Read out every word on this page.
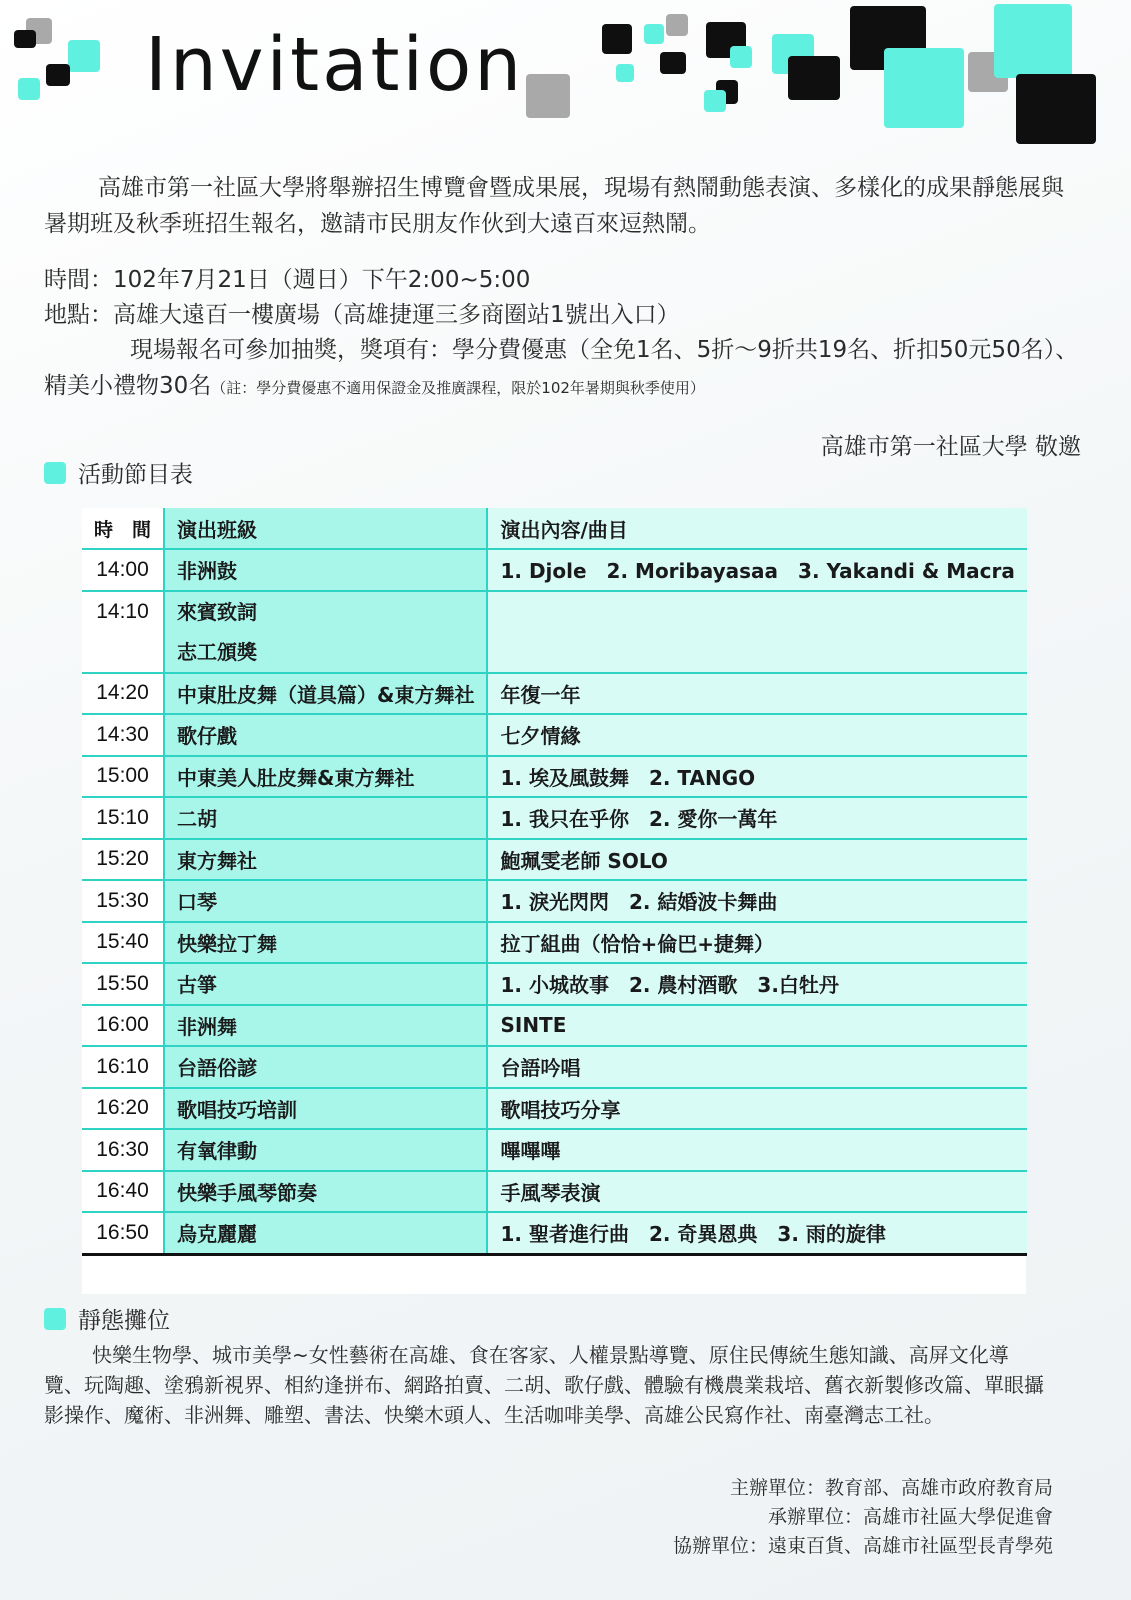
Invitation
高雄市第一社區大學將舉辦招生博覽會暨成果展，現場有熱鬧動態表演、多樣化的成果靜態展與暑期班及秋季班招生報名，邀請市民朋友作伙到大遠百來逗熱鬧。
時間：102年7月21日（週日）下午2:00~5:00
地點：高雄大遠百一樓廣場（高雄捷運三多商圈站1號出入口）
現場報名可參加抽獎，獎項有：學分費優惠（全免1名、5折～9折共19名、折扣50元50名）、精美小禮物30名（註：學分費優惠不適用保證金及推廣課程，限於102年暑期與秋季使用）
高雄市第一社區大學 敬邀
活動節目表
時　間	演出班級	演出內容/曲目
14:00	非洲鼓	1. Djole　2. Moribayasaa　3. Yakandi & Macra
14:10	來賓致詞
志工頒獎	

14:20	中東肚皮舞（道具篇）&東方舞社	年復一年
14:30	歌仔戲	七夕情緣
15:00	中東美人肚皮舞&東方舞社	1. 埃及風鼓舞　2. TANGO
15:10	二胡	1. 我只在乎你　2. 愛你一萬年
15:20	東方舞社	鮑珮雯老師 SOLO
15:30	口琴	1. 淚光閃閃　2. 結婚波卡舞曲
15:40	快樂拉丁舞	拉丁組曲（恰恰+倫巴+捷舞）
15:50	古箏	1. 小城故事　2. 農村酒歌　3.白牡丹
16:00	非洲舞	SINTE
16:10	台語俗諺	台語吟唱
16:20	歌唱技巧培訓	歌唱技巧分享
16:30	有氧律動	嗶嗶嗶
16:40	快樂手風琴節奏	手風琴表演
16:50	烏克麗麗	1. 聖者進行曲　2. 奇異恩典　3. 雨的旋律
靜態攤位
快樂生物學、城市美學~女性藝術在高雄、食在客家、人權景點導覽、原住民傳統生態知識、高屏文化導覽、玩陶趣、塗鴉新視界、相約逢拼布、網路拍賣、二胡、歌仔戲、體驗有機農業栽培、舊衣新製修改篇、單眼攝影操作、魔術、非洲舞、雕塑、書法、快樂木頭人、生活咖啡美學、高雄公民寫作社、南臺灣志工社。
主辦單位：教育部、高雄市政府教育局
承辦單位：高雄市社區大學促進會
協辦單位：遠東百貨、高雄市社區型長青學苑
